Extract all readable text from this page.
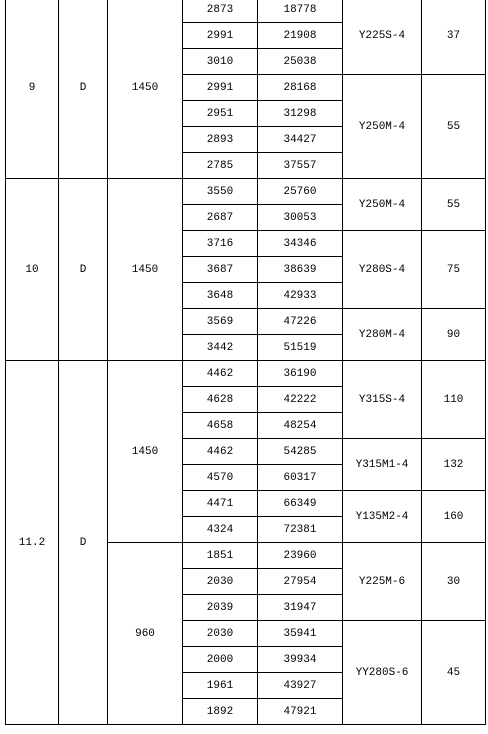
9	D	1450	2873	18778	Y225S-4	37
			2991	21908		
			3010	25038		
			2991	28168	Y250M-4	55
			2951	31298		
			2893	34427		
			2785	37557		
10	D	1450	3550	25760	Y250M-4	55
			2687	30053		
			3716	34346	Y280S-4	75
			3687	38639		
			3648	42933		
			3569	47226	Y280M-4	90
			3442	51519		
11.2	D	1450	4462	36190	Y315S-4	110
			4628	42222		
			4658	48254		
			4462	54285	Y315M1-4	132
			4570	60317		
			4471	66349	Y135M2-4	160
			4324	72381		
		960	1851	23960	Y225M-6	30
			2030	27954		
			2039	31947		
			2030	35941	YY280S-6	45
			2000	39934		
			1961	43927		
			1892	47921		
